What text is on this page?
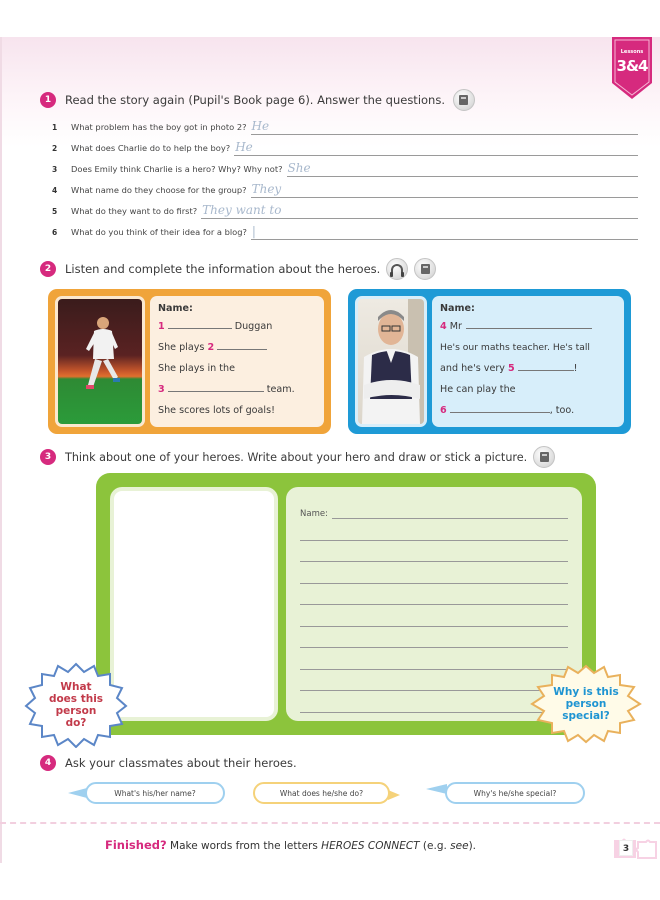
Lessons
3&4
1	Read the story again (Pupil's Book page 6). Answer the questions.
1	What problem has the boy got in photo 2? He
2	What does Charlie do to help the boy? He
3	Does Emily think Charlie is a hero? Why? Why not? She
4	What name do they choose for the group? They
5	What do they want to do first? They want to
6	What do you think of their idea for a blog? |
2	Listen and complete the information about the heroes.
Name:
1	Duggan
She plays 2
She plays in the
3	team.
She scores lots of goals!
Name:
4 Mr
He's our maths teacher. He's tall
and he's very 5	!
He can play the
6	, too.
3	Think about one of your heroes. Write about your hero and draw or stick a picture.
Name:
What does this person do?
Why is this person special?
4	Ask your classmates about their heroes.
What's his/her name?	What does he/she do?	Why's he/she special?
Finished? Make words from the letters HEROES CONNECT (e.g. see).	3
